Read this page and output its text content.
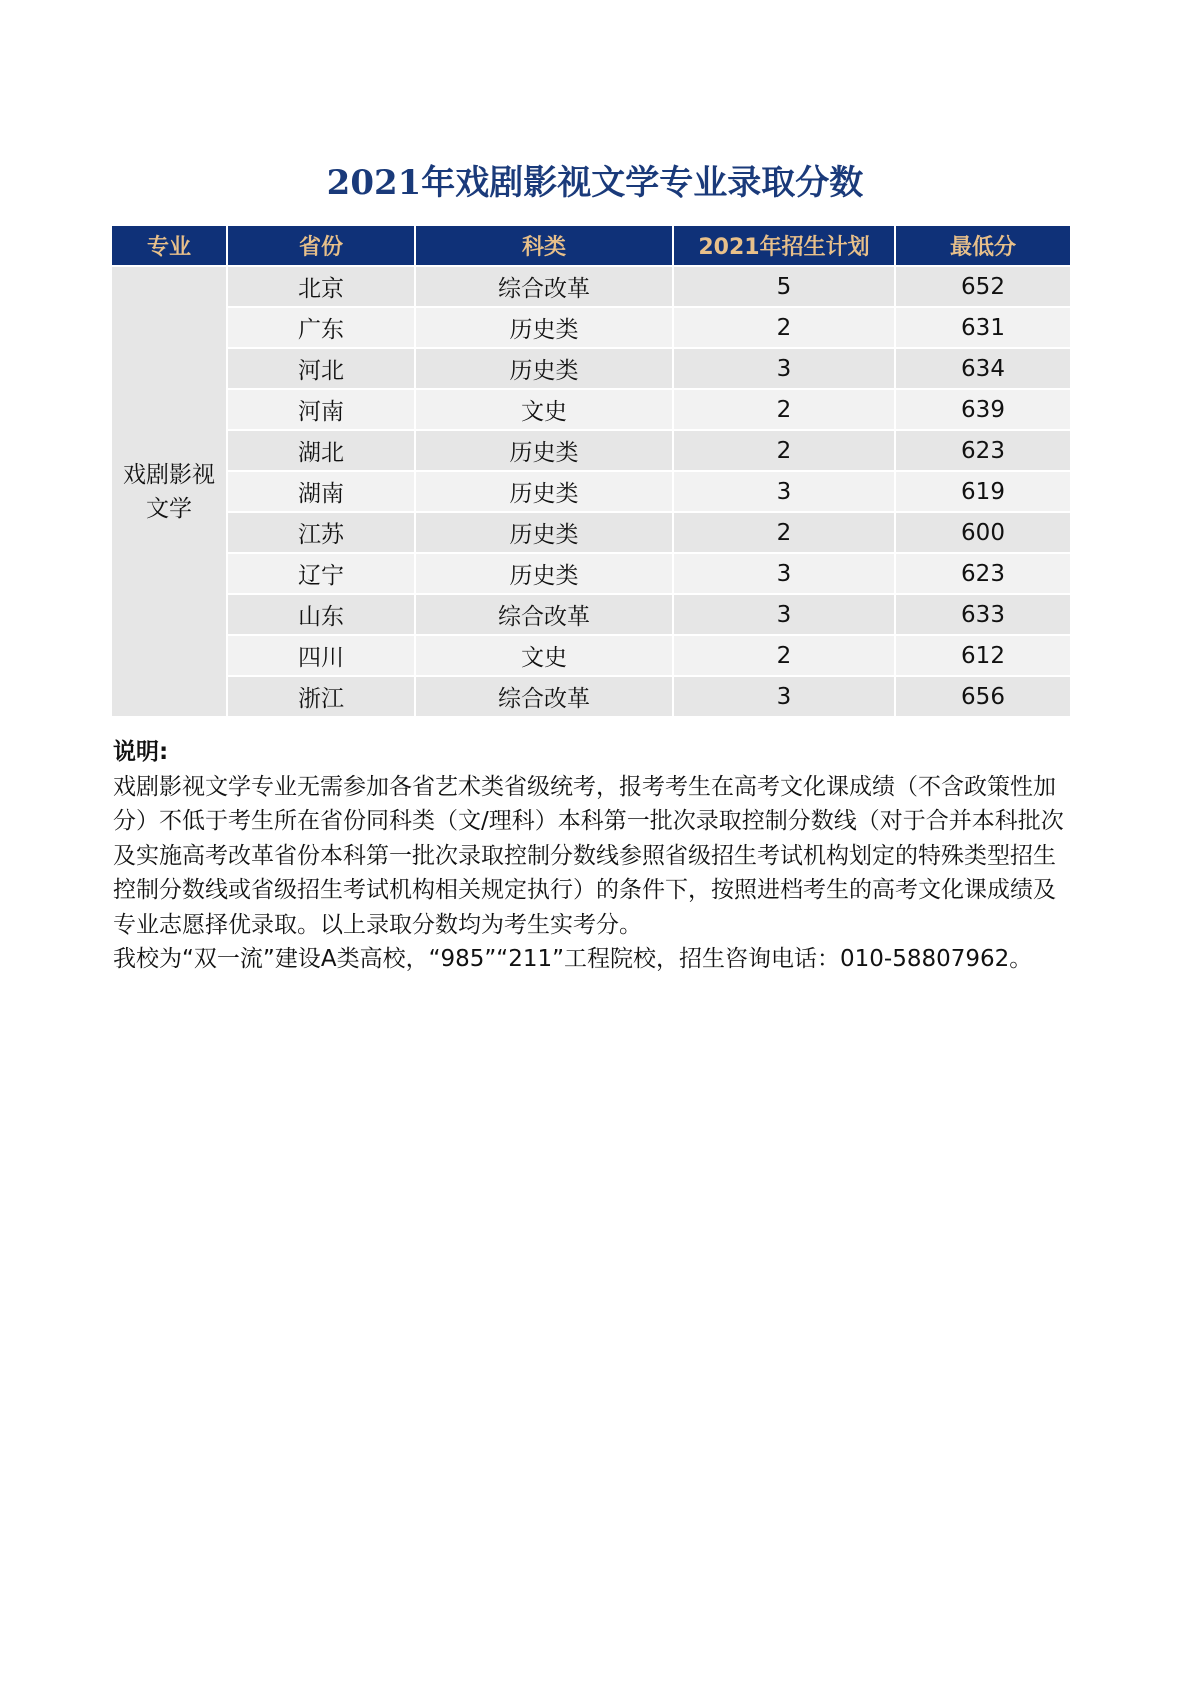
2021年戏剧影视文学专业录取分数
专业	省份	科类	2021年招生计划	最低分

戏剧影视
文学	北京	综合改革	5	652
	广东	历史类	2	631
	河北	历史类	3	634
	河南	文史	2	639
	湖北	历史类	2	623
	湖南	历史类	3	619
	江苏	历史类	2	600
	辽宁	历史类	3	623
	山东	综合改革	3	633
	四川	文史	2	612
	浙江	综合改革	3	656

说明:

戏剧影视文学专业无需参加各省艺术类省级统考，报考考生在高考文化课成绩（不含政策性加分）不低于考生所在省份同科类（文/理科）本科第一批次录取控制分数线（对于合并本科批次及实施高考改革省份本科第一批次录取控制分数线参照省级招生考试机构划定的特殊类型招生控制分数线或省级招生考试机构相关规定执行）的条件下，按照进档考生的高考文化课成绩及专业志愿择优录取。以上录取分数均为考生实考分。

我校为“双一流”建设A类高校，“985”“211”工程院校，招生咨询电话：010-58807962。
